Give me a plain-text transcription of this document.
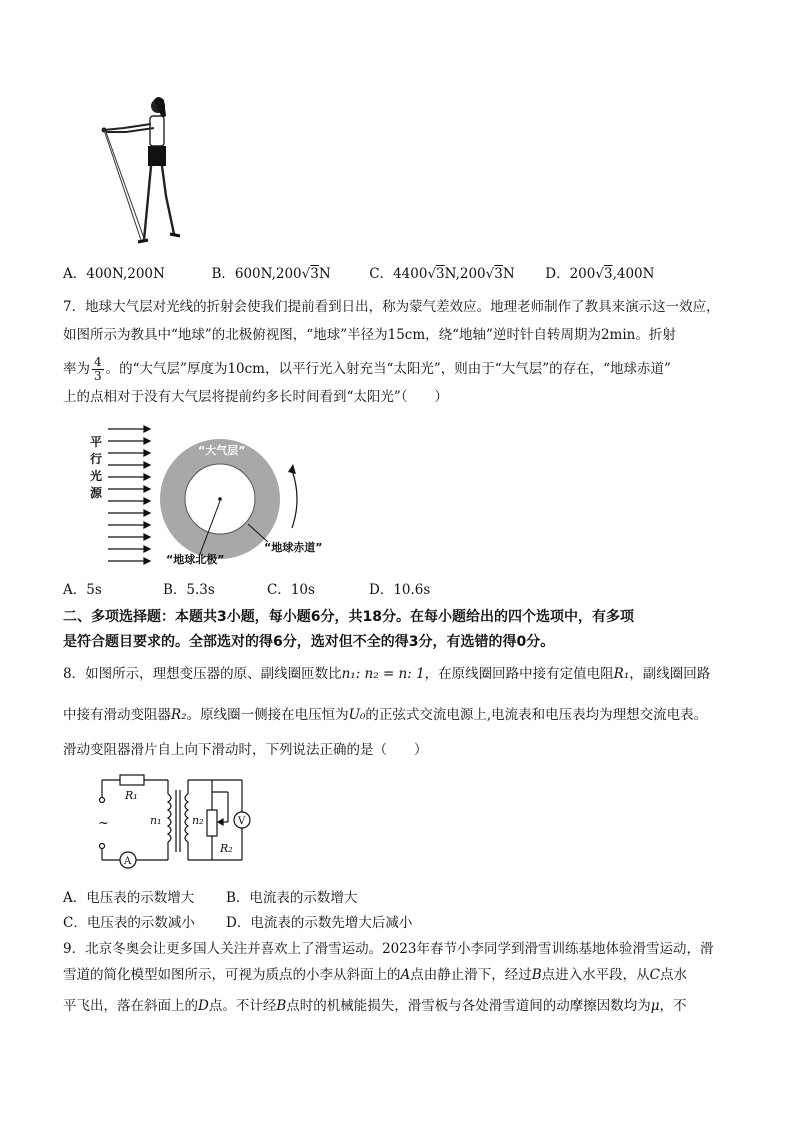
A．400N,200N	B．600N,200√3N	C．4400√3N,200√3N D．200√3,400N
7．地球大气层对光线的折射会使我们提前看到日出，称为蒙气差效应。地理老师制作了教具来演示这一效应，
如图所示为教具中“地球”的北极俯视图，“地球”半径为15cm，绕“地轴”逆时针自转周期为2min。折射
率为 $\frac{4}{3}$ 。的“大气层”厚度为10cm，以平行光入射充当“太阳光”，则由于“大气层”的存在，“地球赤道”
上的点相对于没有大气层将提前约多长时间看到“太阳光”（　　）
平
行
光
源
“大气层”
“地球北极”
“地球赤道”
A．5s	B．5.3s	C．10s	D．10.6s
二、多项选择题：本题共3小题，每小题6分，共18分。在每小题给出的四个选项中，有多项
是符合题目要求的。全部选对的得6分，选对但不全的得3分，有选错的得0分。
8．如图所示，理想变压器的原、副线圈匝数比n₁: n₂ = n: 1，在原线圈回路中接有定值电阻R₁，副线圈回路
中接有滑动变阻器R₂。原线圈一侧接在电压恒为U₀的正弦式交流电源上,电流表和电压表均为理想交流电表。
滑动变阻器滑片自上向下滑动时，下列说法正确的是（　　）
R₁
~	n₁	n₂
R₂
A
V
A．电压表的示数增大 B．电流表的示数增大
C．电压表的示数减小 D．电流表的示数先增大后减小
9．北京冬奥会让更多国人关注并喜欢上了滑雪运动。2023年春节小李同学到滑雪训练基地体验滑雪运动，滑
雪道的简化模型如图所示，可视为质点的小李从斜面上的A点由静止滑下，经过B点进入水平段，从C点水
平飞出，落在斜面上的D点。不计经B点时的机械能损失，滑雪板与各处滑雪道间的动摩擦因数均为μ，不
